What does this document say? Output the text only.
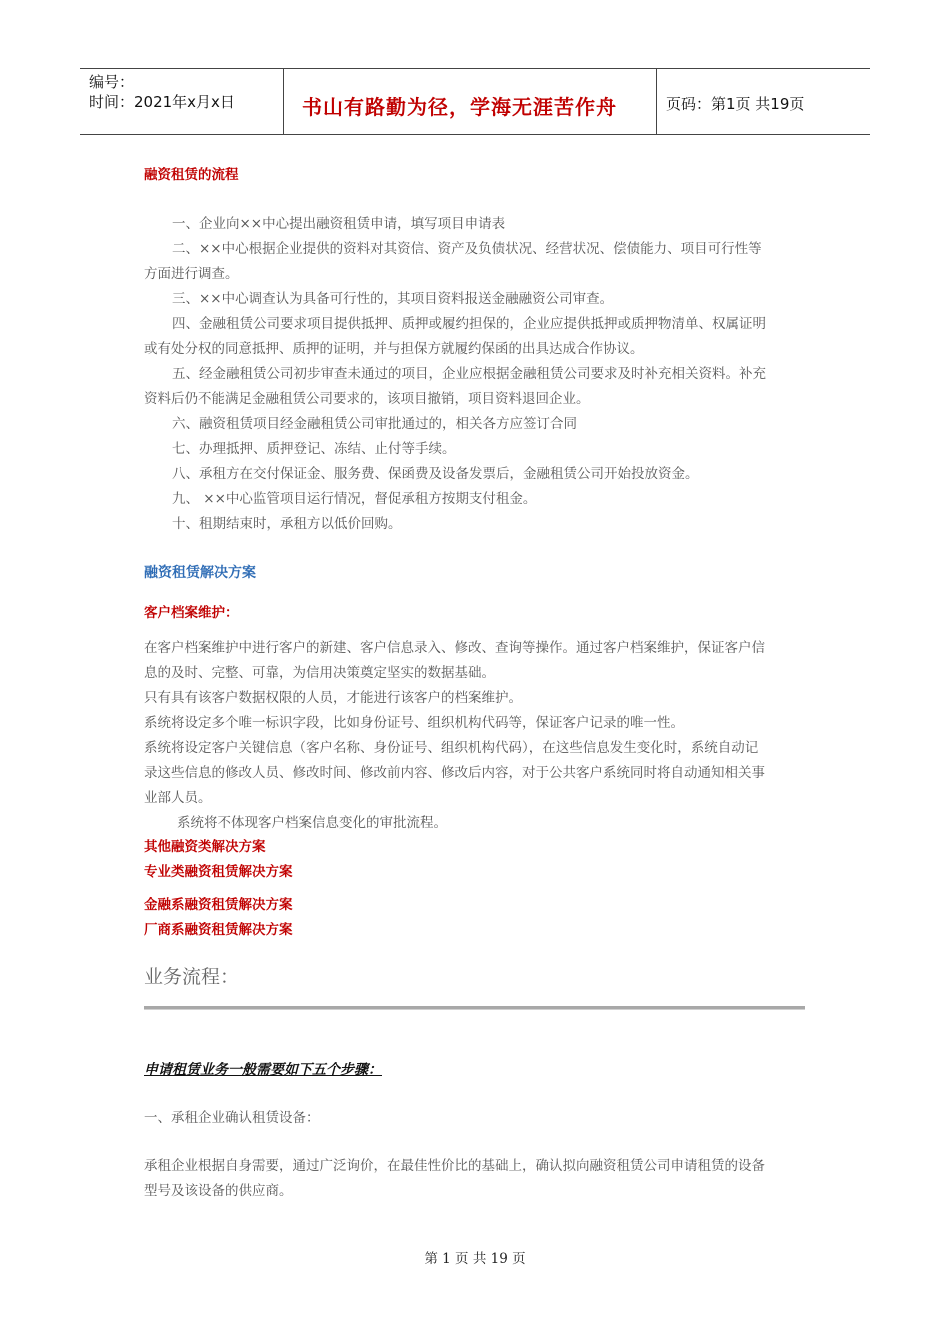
编号：
时间：2021年x月x日	书山有路勤为径，学海无涯苦作舟	页码：第1页 共19页
融资租赁的流程
一、企业向××中心提出融资租赁申请，填写项目申请表
二、××中心根据企业提供的资料对其资信、资产及负债状况、经营状况、偿债能力、项目可行性等
方面进行调查。
三、××中心调查认为具备可行性的，其项目资料报送金融融资公司审查。
四、金融租赁公司要求项目提供抵押、质押或履约担保的，企业应提供抵押或质押物清单、权属证明
或有处分权的同意抵押、质押的证明，并与担保方就履约保函的出具达成合作协议。
五、经金融租赁公司初步审查未通过的项目，企业应根据金融租赁公司要求及时补充相关资料。补充
资料后仍不能满足金融租赁公司要求的，该项目撤销，项目资料退回企业。
六、融资租赁项目经金融租赁公司审批通过的，相关各方应签订合同
七、办理抵押、质押登记、冻结、止付等手续。
八、承租方在交付保证金、服务费、保函费及设备发票后，金融租赁公司开始投放资金。
九、 ××中心监管项目运行情况，督促承租方按期支付租金。
十、租期结束时，承租方以低价回购。
融资租赁解决方案
客户档案维护：
在客户档案维护中进行客户的新建、客户信息录入、修改、查询等操作。通过客户档案维护，保证客户信
息的及时、完整、可靠，为信用决策奠定坚实的数据基础。
只有具有该客户数据权限的人员，才能进行该客户的档案维护。
系统将设定多个唯一标识字段，比如身份证号、组织机构代码等，保证客户记录的唯一性。
系统将设定客户关键信息（客户名称、身份证号、组织机构代码），在这些信息发生变化时，系统自动记
录这些信息的修改人员、修改时间、修改前内容、修改后内容，对于公共客户系统同时将自动通知相关事
业部人员。
系统将不体现客户档案信息变化的审批流程。
其他融资类解决方案
专业类融资租赁解决方案
金融系融资租赁解决方案
厂商系融资租赁解决方案
业务流程：
申请租赁业务一般需要如下五个步骤：
一、承租企业确认租赁设备：
承租企业根据自身需要，通过广泛询价，在最佳性价比的基础上，确认拟向融资租赁公司申请租赁的设备
型号及该设备的供应商。
第 1 页 共 19 页
